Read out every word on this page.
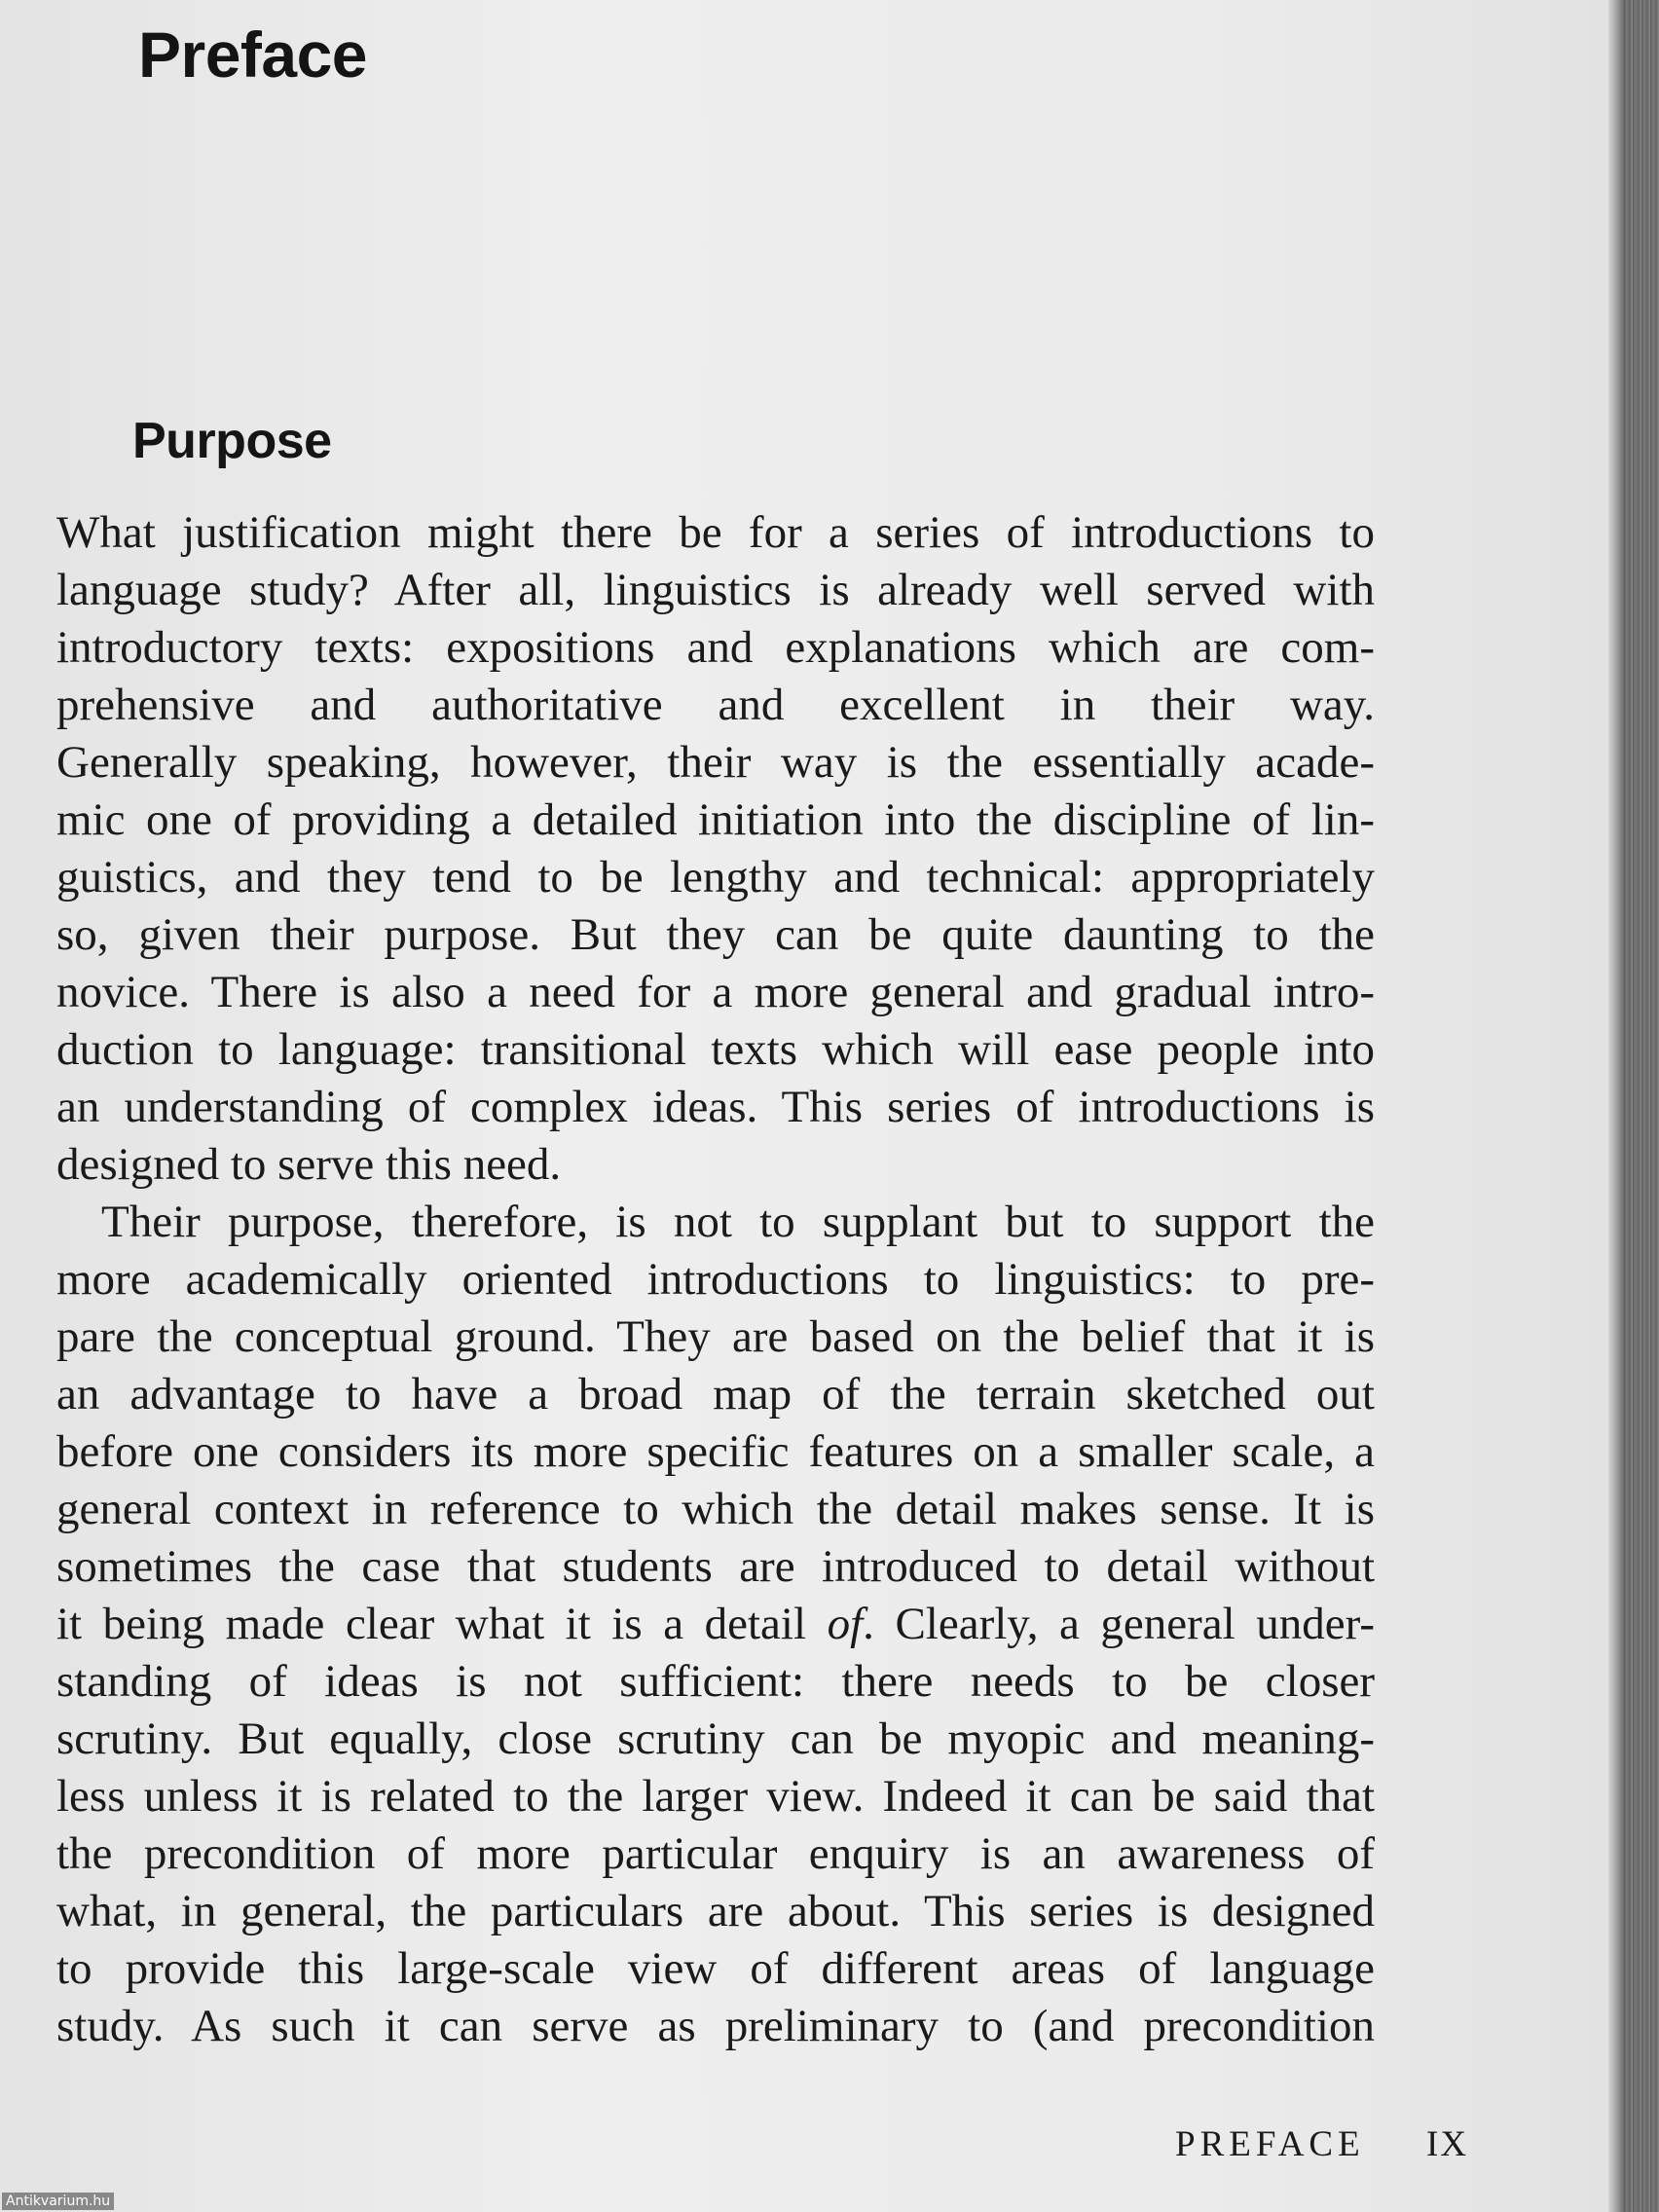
Preface
Purpose
What justification might there be for a series of introductions to
language study? After all, linguistics is already well served with
introductory texts: expositions and explanations which are com-
prehensive and authoritative and excellent in their way.
Generally speaking, however, their way is the essentially acade-
mic one of providing a detailed initiation into the discipline of lin-
guistics, and they tend to be lengthy and technical: appropriately
so, given their purpose. But they can be quite daunting to the
novice. There is also a need for a more general and gradual intro-
duction to language: transitional texts which will ease people into
an understanding of complex ideas. This series of introductions is
designed to serve this need.
Their purpose, therefore, is not to supplant but to support the
more academically oriented introductions to linguistics: to pre-
pare the conceptual ground. They are based on the belief that it is
an advantage to have a broad map of the terrain sketched out
before one considers its more specific features on a smaller scale, a
general context in reference to which the detail makes sense. It is
sometimes the case that students are introduced to detail without
it being made clear what it is a detail of. Clearly, a general under-
standing of ideas is not sufficient: there needs to be closer
scrutiny. But equally, close scrutiny can be myopic and meaning-
less unless it is related to the larger view. Indeed it can be said that
the precondition of more particular enquiry is an awareness of
what, in general, the particulars are about. This series is designed
to provide this large-scale view of different areas of language
study. As such it can serve as preliminary to (and precondition
PREFACE IX
Antikvarium.hu
